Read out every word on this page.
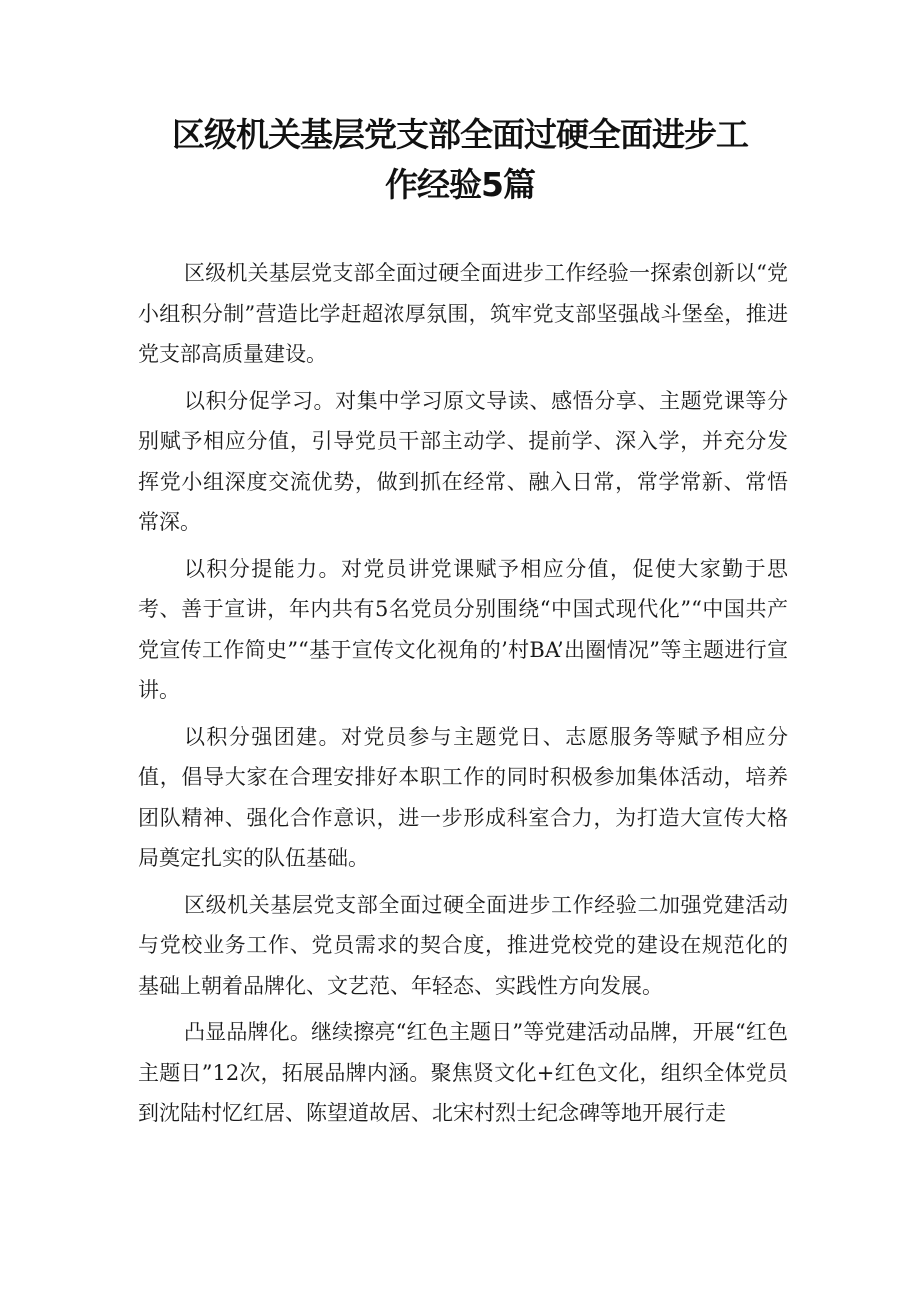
区级机关基层党支部全面过硬全面进步工
作经验5篇

区级机关基层党支部全面过硬全面进步工作经验一探索创新以“党小组积分制”营造比学赶超浓厚氛围，筑牢党支部坚强战斗堡垒，推进党支部高质量建设。

以积分促学习。对集中学习原文导读、感悟分享、主题党课等分别赋予相应分值，引导党员干部主动学、提前学、深入学，并充分发挥党小组深度交流优势，做到抓在经常、融入日常，常学常新、常悟常深。

以积分提能力。对党员讲党课赋予相应分值，促使大家勤于思考、善于宣讲，年内共有5名党员分别围绕“中国式现代化”“中国共产党宣传工作简史”“基于宣传文化视角的’村BA’出圈情况”等主题进行宣讲。

以积分强团建。对党员参与主题党日、志愿服务等赋予相应分值，倡导大家在合理安排好本职工作的同时积极参加集体活动，培养团队精神、强化合作意识，进一步形成科室合力，为打造大宣传大格局奠定扎实的队伍基础。

区级机关基层党支部全面过硬全面进步工作经验二加强党建活动与党校业务工作、党员需求的契合度，推进党校党的建设在规范化的基础上朝着品牌化、文艺范、年轻态、实践性方向发展。

凸显品牌化。继续擦亮“红色主题日”等党建活动品牌，开展“红色主题日”12次，拓展品牌内涵。聚焦贤文化+红色文化，组织全体党员到沈陆村忆红居、陈望道故居、北宋村烈士纪念碑等地开展行走
